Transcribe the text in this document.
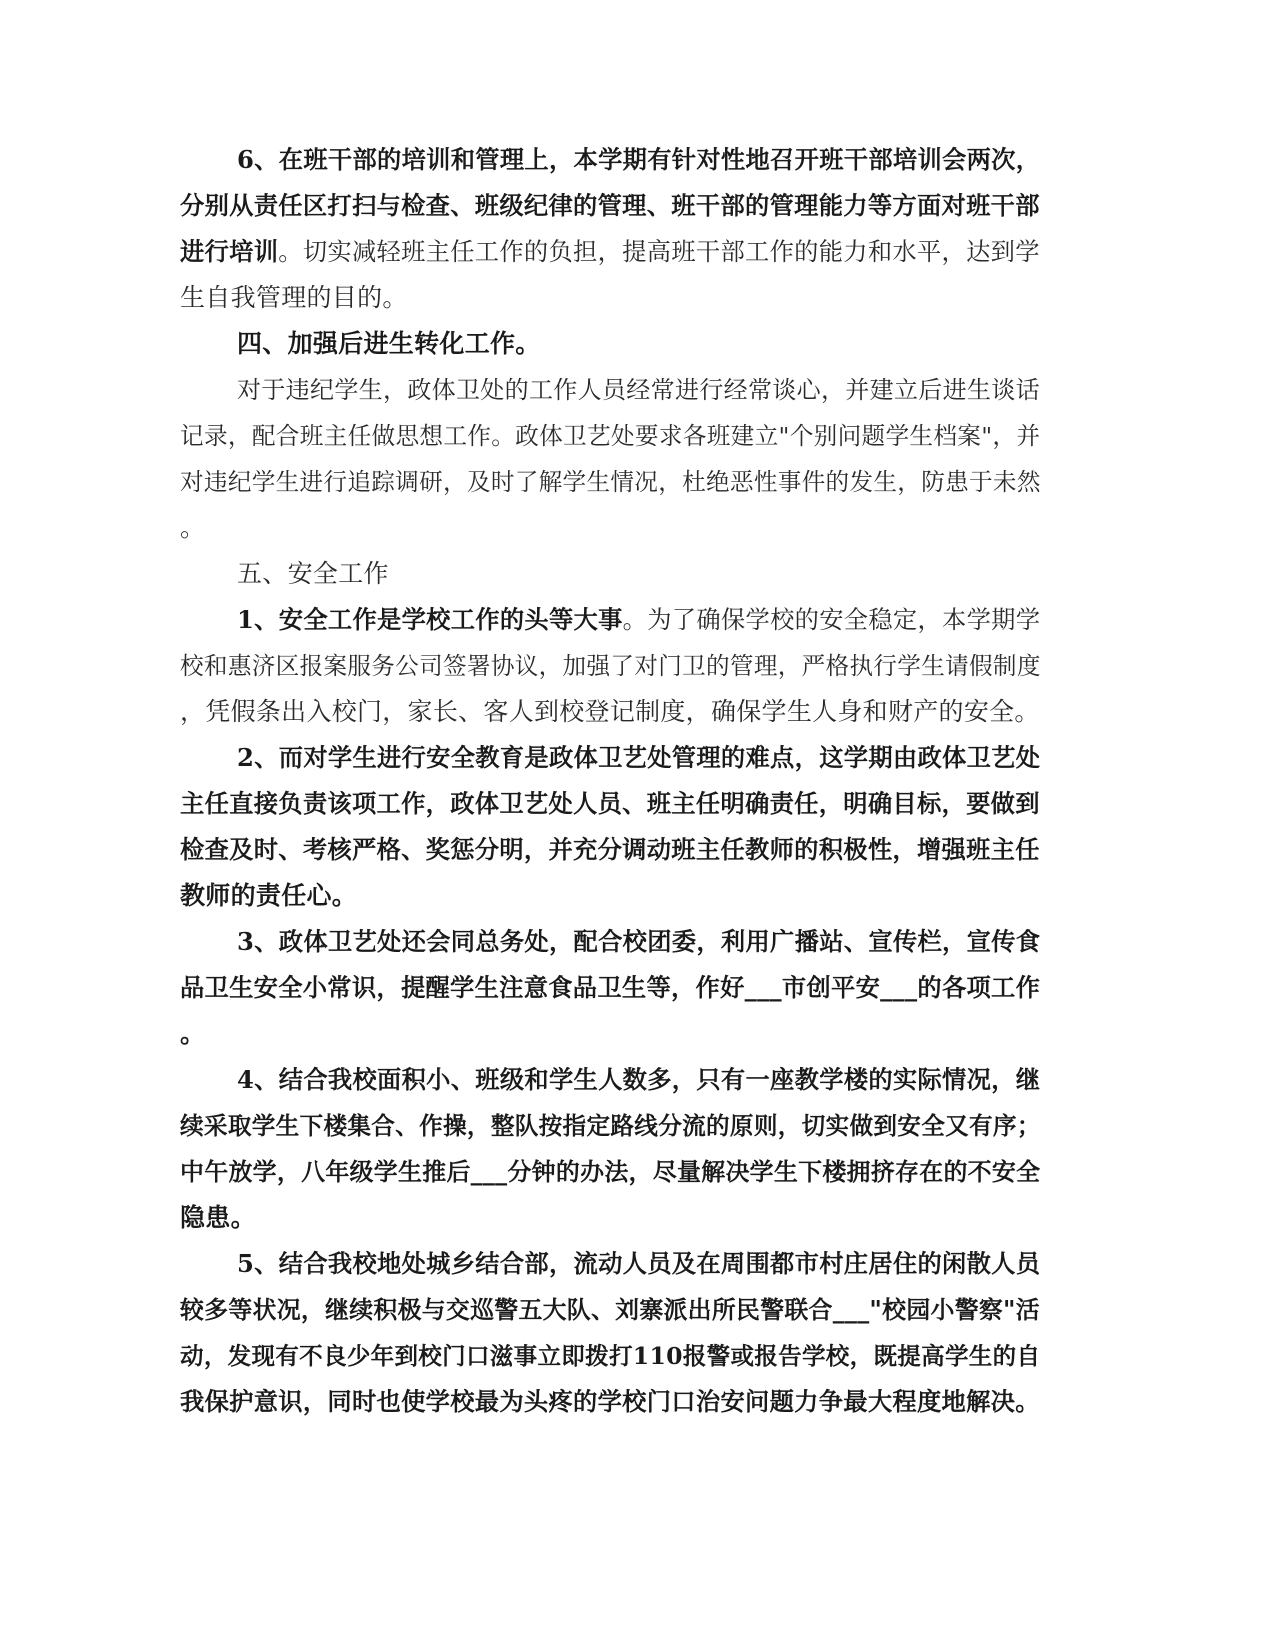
6、在班干部的培训和管理上，本学期有针对性地召开班干部培训会两次，
分别从责任区打扫与检查、班级纪律的管理、班干部的管理能力等方面对班干部
进行培训。切实减轻班主任工作的负担，提高班干部工作的能力和水平，达到学
生自我管理的目的。
四、加强后进生转化工作。
对于违纪学生，政体卫处的工作人员经常进行经常谈心，并建立后进生谈话
记录，配合班主任做思想工作。政体卫艺处要求各班建立"个别问题学生档案"，并
对违纪学生进行追踪调研，及时了解学生情况，杜绝恶性事件的发生，防患于未然
。
五、安全工作
1、安全工作是学校工作的头等大事。为了确保学校的安全稳定，本学期学
校和惠济区报案服务公司签署协议，加强了对门卫的管理，严格执行学生请假制度
，凭假条出入校门，家长、客人到校登记制度，确保学生人身和财产的安全。
2、而对学生进行安全教育是政体卫艺处管理的难点，这学期由政体卫艺处
主任直接负责该项工作，政体卫艺处人员、班主任明确责任，明确目标，要做到
检查及时、考核严格、奖惩分明，并充分调动班主任教师的积极性，增强班主任
教师的责任心。
3、政体卫艺处还会同总务处，配合校团委，利用广播站、宣传栏，宣传食
品卫生安全小常识，提醒学生注意食品卫生等，作好___市创平安___的各项工作
。
4、结合我校面积小、班级和学生人数多，只有一座教学楼的实际情况，继
续采取学生下楼集合、作操，整队按指定路线分流的原则，切实做到安全又有序；
中午放学，八年级学生推后___分钟的办法，尽量解决学生下楼拥挤存在的不安全
隐患。
5、结合我校地处城乡结合部，流动人员及在周围都市村庄居住的闲散人员
较多等状况，继续积极与交巡警五大队、刘寨派出所民警联合___"校园小警察"活
动，发现有不良少年到校门口滋事立即拨打110报警或报告学校，既提高学生的自
我保护意识，同时也使学校最为头疼的学校门口治安问题力争最大程度地解决。
